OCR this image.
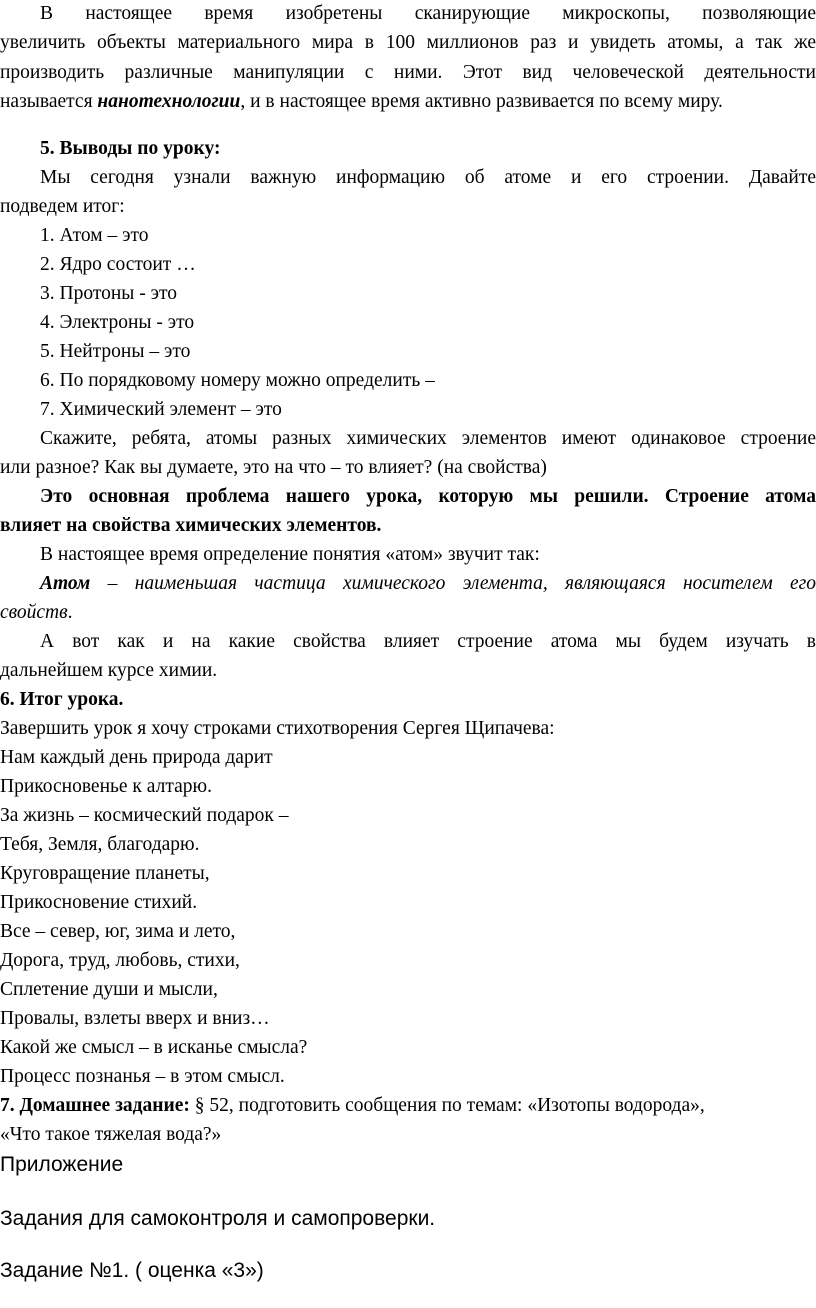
В настоящее время изобретены сканирующие микроскопы, позволяющие
увеличить объекты материального мира в 100 миллионов раз и увидеть атомы, а так же
производить различные манипуляции с ними. Этот вид человеческой деятельности
называется нанотехнологии, и в настоящее время активно развивается по всему миру.
5. Выводы по уроку:
Мы сегодня узнали важную информацию об атоме и его строении. Давайте
подведем итог:
1. Атом – это
2. Ядро состоит …
3. Протоны - это
4. Электроны - это
5. Нейтроны – это
6. По порядковому номеру можно определить –
7. Химический элемент – это
Скажите, ребята, атомы разных химических элементов имеют одинаковое строение
или разное? Как вы думаете, это на что – то влияет? (на свойства)
Это основная проблема нашего урока, которую мы решили. Строение атома
влияет на свойства химических элементов.
В настоящее время определение понятия «атом» звучит так:
Атом – наименьшая частица химического элемента, являющаяся носителем его
свойств.
А вот как и на какие свойства влияет строение атома мы будем изучать в
дальнейшем курсе химии.
6. Итог урока.
Завершить урок я хочу строками стихотворения Сергея Щипачева:
Нам каждый день природа дарит
Прикосновенье к алтарю.
За жизнь – космический подарок –
Тебя, Земля, благодарю.
Круговращение планеты,
Прикосновение стихий.
Все – север, юг, зима и лето,
Дорога, труд, любовь, стихи,
Сплетение души и мысли,
Провалы, взлеты вверх и вниз…
Какой же смысл – в исканье смысла?
Процесс познанья – в этом смысл.
7. Домашнее задание: § 52, подготовить сообщения по темам: «Изотопы водорода»,
«Что такое тяжелая вода?»
Приложение
Задания для самоконтроля и самопроверки.
Задание №1. ( оценка «3»)
